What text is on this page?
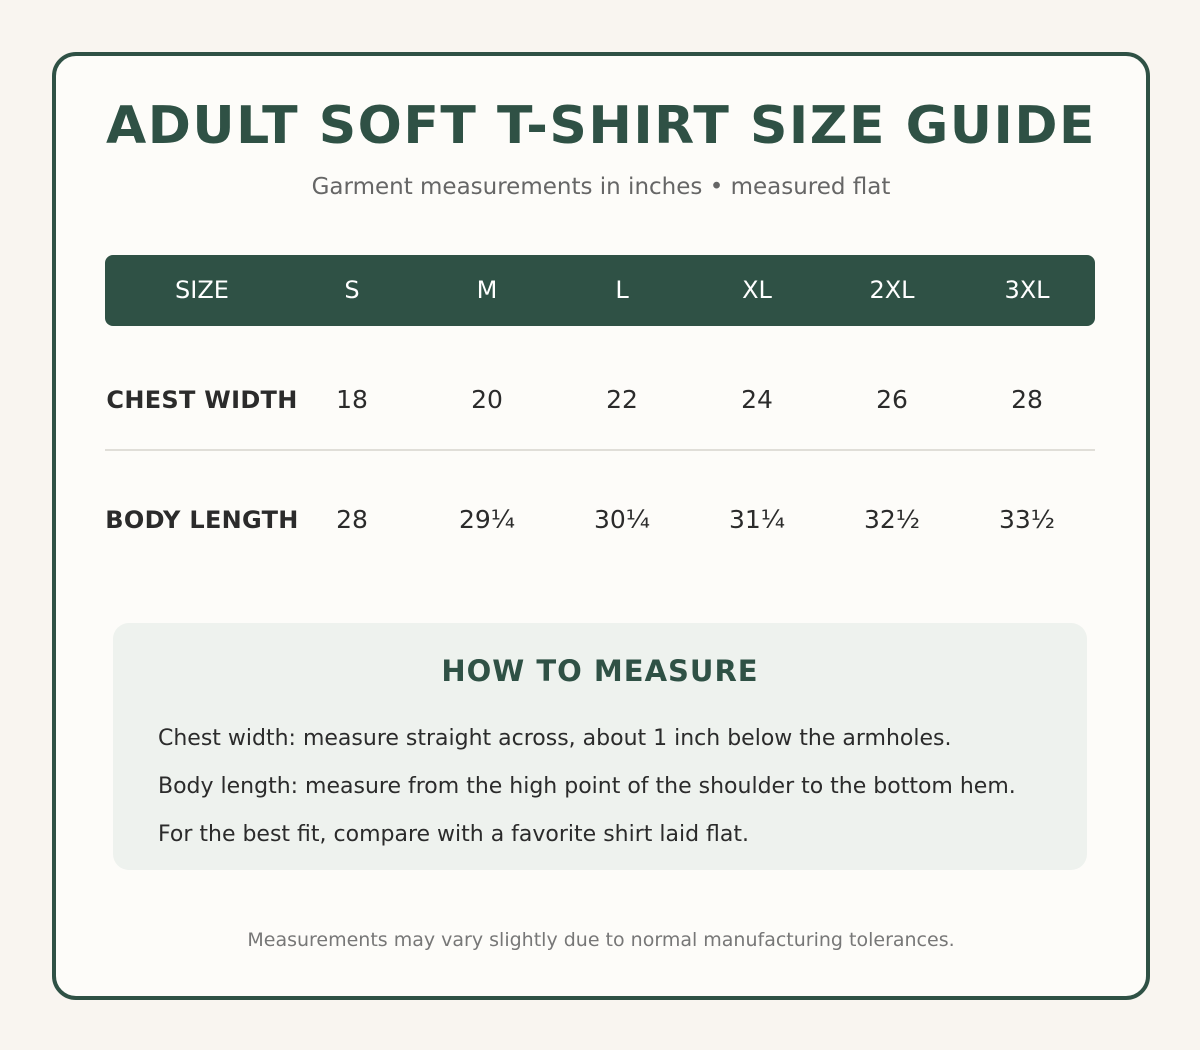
ADULT SOFT T-SHIRT SIZE GUIDE
Garment measurements in inches • measured flat
SIZE	S	M	L	XL	2XL	3XL
CHEST WIDTH	18	20	22	24	26	28
BODY LENGTH	28	29¼	30¼	31¼	32½	33½
HOW TO MEASURE
Chest width: measure straight across, about 1 inch below the armholes.
Body length: measure from the high point of the shoulder to the bottom hem.
For the best fit, compare with a favorite shirt laid flat.
Measurements may vary slightly due to normal manufacturing tolerances.
